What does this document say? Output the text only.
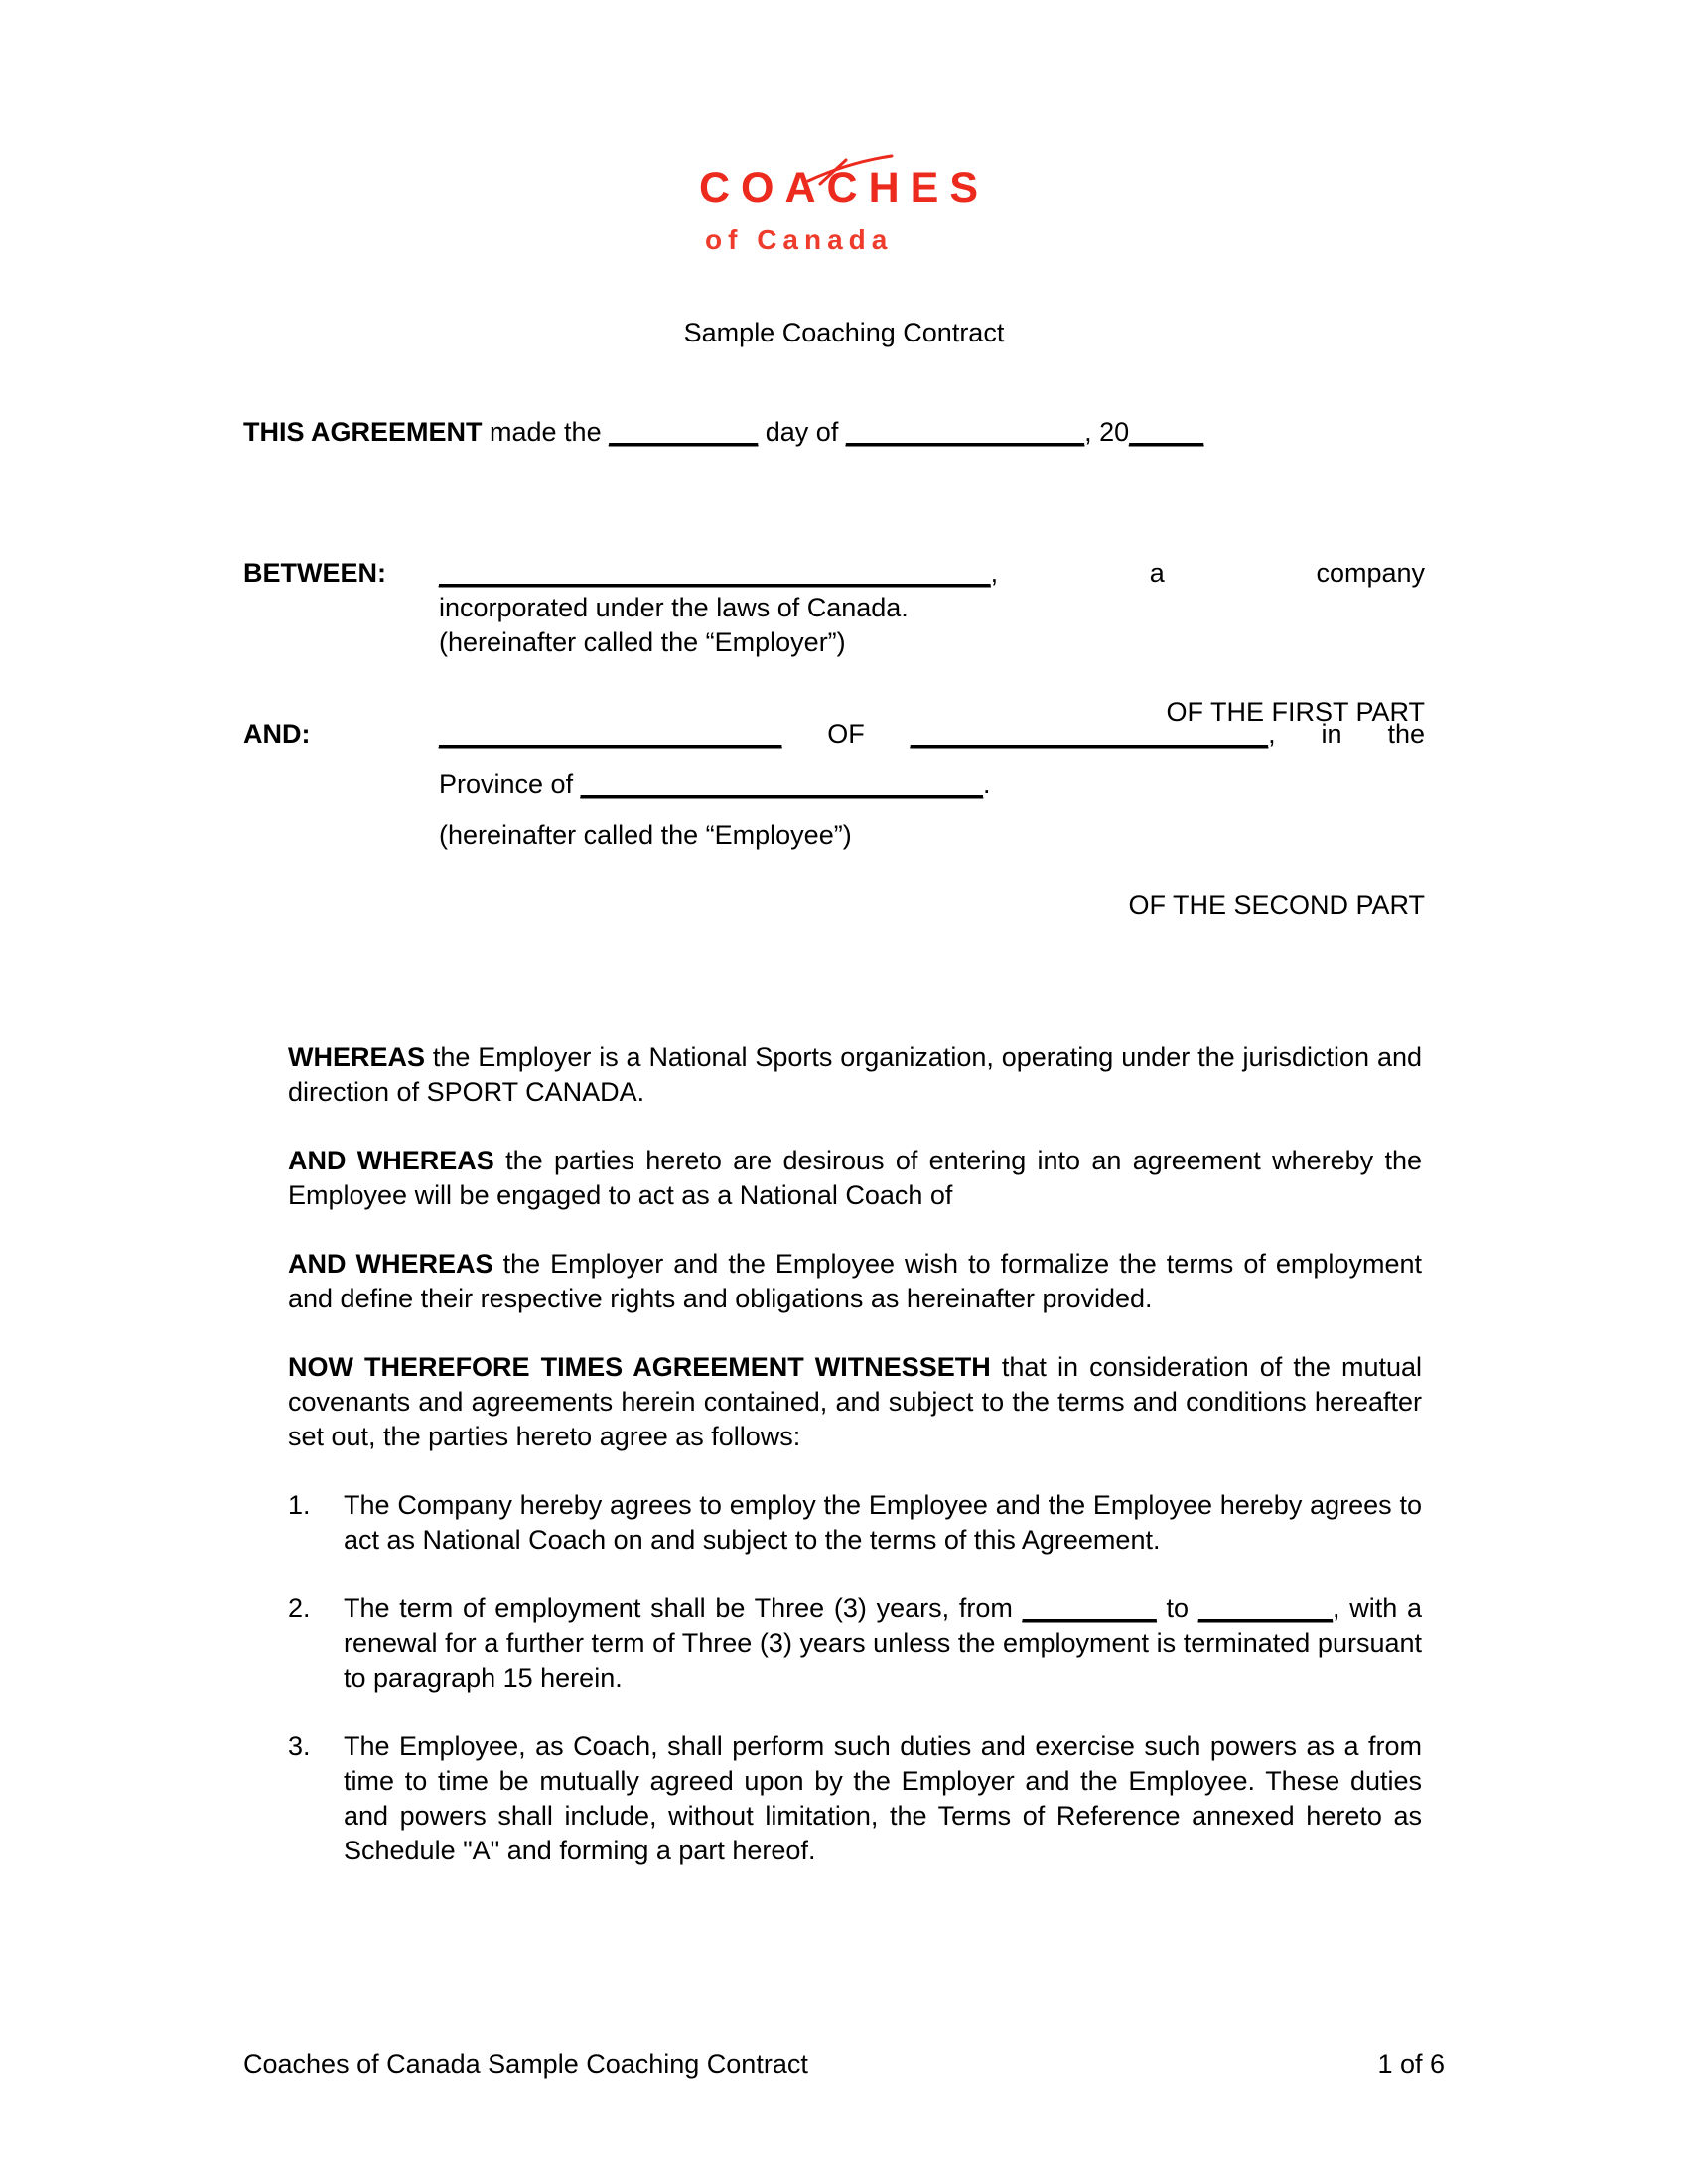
COACHES
of Canada
Sample Coaching Contract
THIS AGREEMENT made the __________ day of ________________, 20_____
BETWEEN: _____________________________________, a company
incorporated under the laws of Canada.
(hereinafter called the “Employer”)
OF THE FIRST PART
AND:	_______________________ OF ________________________, in the
Province of ___________________________.
(hereinafter called the “Employee”)
OF THE SECOND PART

WHEREAS the Employer is a National Sports organization, operating under the jurisdiction and direction of SPORT CANADA.

AND WHEREAS the parties hereto are desirous of entering into an agreement whereby the Employee will be engaged to act as a National Coach of

AND WHEREAS the Employer and the Employee wish to formalize the terms of employment and define their respective rights and obligations as hereinafter provided.

NOW THEREFORE TIMES AGREEMENT WITNESSETH that in consideration of the mutual covenants and agreements herein contained, and subject to the terms and conditions hereafter set out, the parties hereto agree as follows:

1.	The Company hereby agrees to employ the Employee and the Employee hereby agrees to act as National Coach on and subject to the terms of this Agreement.
2.	The term of employment shall be Three (3) years, from _________ to _________, with a renewal for a further term of Three (3) years unless the employment is terminated pursuant to paragraph 15 herein.
3.	The Employee, as Coach, shall perform such duties and exercise such powers as a from time to time be mutually agreed upon by the Employer and the Employee. These duties and powers shall include, without limitation, the Terms of Reference annexed hereto as Schedule "A" and forming a part hereof.
Coaches of Canada Sample Coaching Contract	1 of 6
